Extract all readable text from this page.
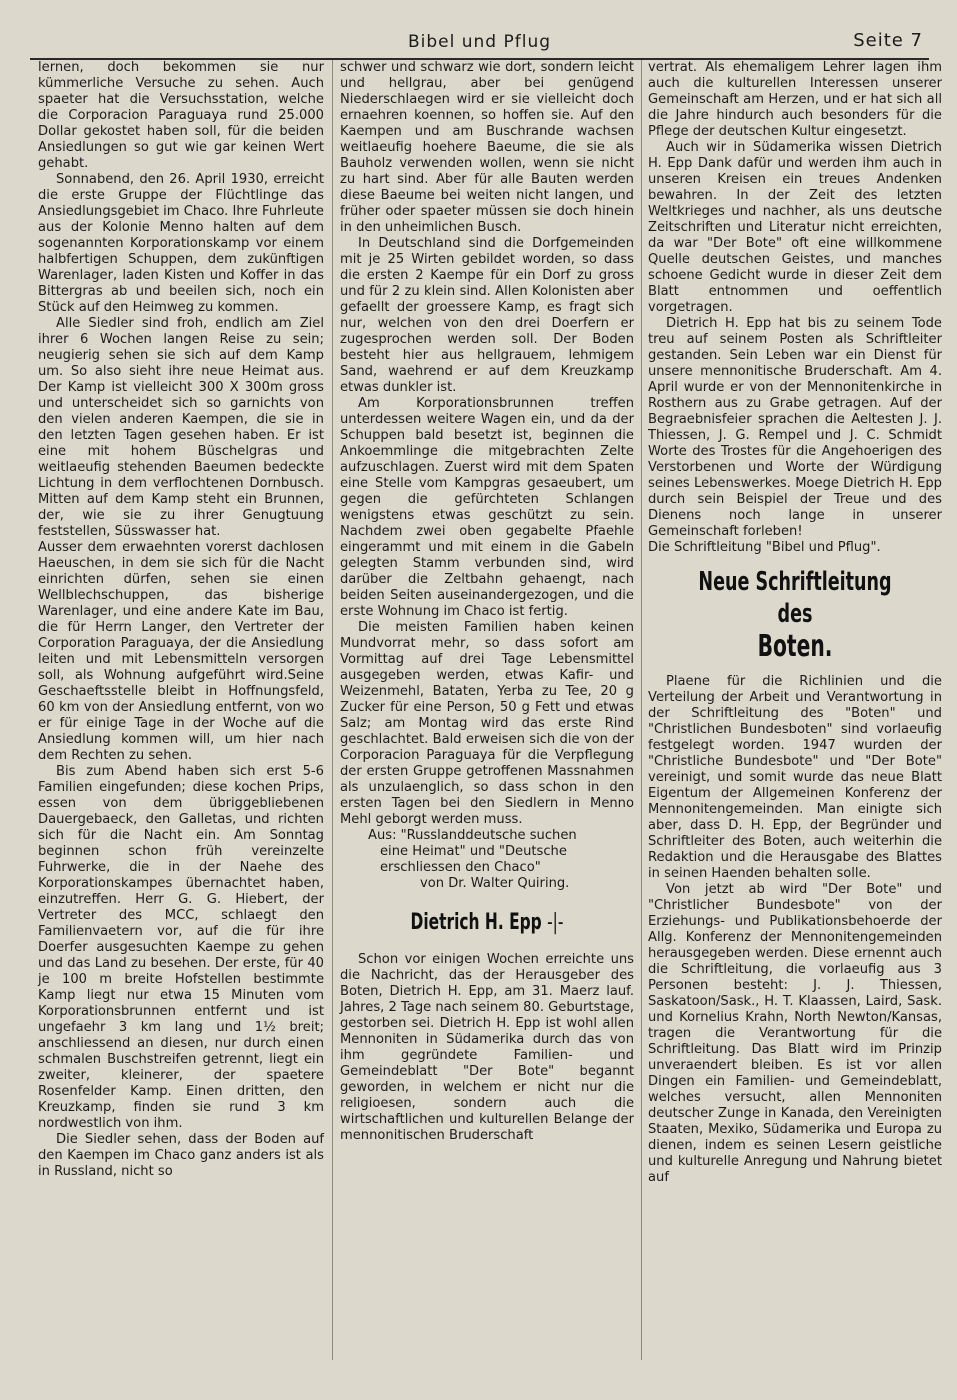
Bibel und Pflug	Seite 7

lernen, doch bekommen sie nur kümmerliche Versuche zu sehen. Auch spaeter hat die Versuchsstation, welche die Corporacion Paraguaya rund 25.000 Dollar gekostet haben soll, für die beiden Ansiedlungen so gut wie gar keinen Wert gehabt.

Sonnabend, den 26. April 1930, erreicht die erste Gruppe der Flüchtlinge das Ansiedlungsgebiet im Chaco. Ihre Fuhrleute aus der Kolonie Menno halten auf dem sogenannten Korporationskamp vor einem halbfertigen Schuppen, dem zukünftigen Warenlager, laden Kisten und Koffer in das Bittergras ab und beeilen sich, noch ein Stück auf den Heimweg zu kommen.

Alle Siedler sind froh, endlich am Ziel ihrer 6 Wochen langen Reise zu sein; neugierig sehen sie sich auf dem Kamp um. So also sieht ihre neue Heimat aus. Der Kamp ist vielleicht 300 X 300m gross und unterscheidet sich so garnichts von den vielen anderen Kaempen, die sie in den letzten Tagen gesehen haben. Er ist eine mit hohem Büschelgras und weitlaeufig stehenden Baeumen bedeckte Lichtung in dem verflochtenen Dornbusch. Mitten auf dem Kamp steht ein Brunnen, der, wie sie zu ihrer Genugtuung feststellen, Süsswasser hat.

Ausser dem erwaehnten vorerst dachlosen Haeuschen, in dem sie sich für die Nacht einrichten dürfen, sehen sie einen Wellblechschuppen, das bisherige Warenlager, und eine andere Kate im Bau, die für Herrn Langer, den Vertreter der Corporation Paraguaya, der die Ansiedlung leiten und mit Lebensmitteln versorgen soll, als Wohnung aufgeführt wird.Seine Geschaeftsstelle bleibt in Hoffnungsfeld, 60 km von der Ansiedlung entfernt, von wo er für einige Tage in der Woche auf die Ansiedlung kommen will, um hier nach dem Rechten zu sehen.

Bis zum Abend haben sich erst 5-6 Familien eingefunden; diese kochen Prips, essen von dem übriggebliebenen Dauergebaeck, den Galletas, und richten sich für die Nacht ein. Am Sonntag beginnen schon früh vereinzelte Fuhrwerke, die in der Naehe des Korporationskampes übernachtet haben, einzutreffen. Herr G. G. Hiebert, der Vertreter des MCC, schlaegt den Familienvaetern vor, auf die für ihre Doerfer ausgesuchten Kaempe zu gehen und das Land zu besehen. Der erste, für 40 je 100 m breite Hofstellen bestimmte Kamp liegt nur etwa 15 Minuten vom Korporationsbrunnen entfernt und ist ungefaehr 3 km lang und 1½ breit; anschliessend an diesen, nur durch einen schmalen Buschstreifen getrennt, liegt ein zweiter, kleinerer, der spaetere Rosenfelder Kamp. Einen dritten, den Kreuzkamp, finden sie rund 3 km nordwestlich von ihm.

Die Siedler sehen, dass der Boden auf den Kaempen im Chaco ganz anders ist als in Russland, nicht so

schwer und schwarz wie dort, sondern leicht und hellgrau, aber bei genügend Niederschlaegen wird er sie vielleicht doch ernaehren koennen, so hoffen sie. Auf den Kaempen und am Buschrande wachsen weitlaeufig hoehere Baeume, die sie als Bauholz verwenden wollen, wenn sie nicht zu hart sind. Aber für alle Bauten werden diese Baeume bei weiten nicht langen, und früher oder spaeter müssen sie doch hinein in den unheimlichen Busch.

In Deutschland sind die Dorfgemeinden mit je 25 Wirten gebildet worden, so dass die ersten 2 Kaempe für ein Dorf zu gross und für 2 zu klein sind. Allen Kolonisten aber gefaellt der groessere Kamp, es fragt sich nur, welchen von den drei Doerfern er zugesprochen werden soll. Der Boden besteht hier aus hellgrauem, lehmigem Sand, waehrend er auf dem Kreuzkamp etwas dunkler ist.

Am Korporationsbrunnen treffen unterdessen weitere Wagen ein, und da der Schuppen bald besetzt ist, beginnen die Ankoemmlinge die mitgebrachten Zelte aufzuschlagen. Zuerst wird mit dem Spaten eine Stelle vom Kampgras gesaeubert, um gegen die gefürchteten Schlangen wenigstens etwas geschützt zu sein. Nachdem zwei oben gegabelte Pfaehle eingerammt und mit einem in die Gabeln gelegten Stamm verbunden sind, wird darüber die Zeltbahn gehaengt, nach beiden Seiten auseinandergezogen, und die erste Wohnung im Chaco ist fertig.

Die meisten Familien haben keinen Mundvorrat mehr, so dass sofort am Vormittag auf drei Tage Lebensmittel ausgegeben werden, etwas Kafir- und Weizenmehl, Bataten, Yerba zu Tee, 20 g Zucker für eine Person, 50 g Fett und etwas Salz; am Montag wird das erste Rind geschlachtet. Bald erweisen sich die von der Corporacion Paraguaya für die Verpflegung der ersten Gruppe getroffenen Massnahmen als unzulaenglich, so dass schon in den ersten Tagen bei den Siedlern in Menno Mehl geborgt werden muss.

Aus: "Russlanddeutsche suchen

eine Heimat" und "Deutsche erschliessen den Chaco"

von Dr. Walter Quiring.

Dietrich H. Epp -|-

Schon vor einigen Wochen erreichte uns die Nachricht, das der Herausgeber des Boten, Dietrich H. Epp, am 31. Maerz lauf. Jahres, 2 Tage nach seinem 80. Geburtstage, gestorben sei. Dietrich H. Epp ist wohl allen Mennoniten in Südamerika durch das von ihm gegründete Familien- und Gemeindeblatt "Der Bote" begannt geworden, in welchem er nicht nur die religioesen, sondern auch die wirtschaftlichen und kulturellen Belange der mennonitischen Bruderschaft

vertrat. Als ehemaligem Lehrer lagen ihm auch die kulturellen Interessen unserer Gemeinschaft am Herzen, und er hat sich all die Jahre hindurch auch besonders für die Pflege der deutschen Kultur eingesetzt.

Auch wir in Südamerika wissen Dietrich H. Epp Dank dafür und werden ihm auch in unseren Kreisen ein treues Andenken bewahren. In der Zeit des letzten Weltkrieges und nachher, als uns deutsche Zeitschriften und Literatur nicht erreichten, da war "Der Bote" oft eine willkommene Quelle deutschen Geistes, und manches schoene Gedicht wurde in dieser Zeit dem Blatt entnommen und oeffentlich vorgetragen.

Dietrich H. Epp hat bis zu seinem Tode treu auf seinem Posten als Schriftleiter gestanden. Sein Leben war ein Dienst für unsere mennonitische Bruderschaft. Am 4. April wurde er von der Mennonitenkirche in Rosthern aus zu Grabe getragen. Auf der Begraebnisfeier sprachen die Aeltesten J. J. Thiessen, J. G. Rempel und J. C. Schmidt Worte des Trostes für die Angehoerigen des Verstorbenen und Worte der Würdigung seines Lebenswerkes. Moege Dietrich H. Epp durch sein Beispiel der Treue und des Dienens noch lange in unserer Gemeinschaft forleben!

Die Schriftleitung "Bibel und Pflug".

Neue Schriftleitung des
Boten.

Plaene für die Richlinien und die Verteilung der Arbeit und Verantwortung in der Schriftleitung des "Boten" und "Christlichen Bundesboten" sind vorlaeufig festgelegt worden. 1947 wurden der "Christliche Bundesbote" und "Der Bote" vereinigt, und somit wurde das neue Blatt Eigentum der Allgemeinen Konferenz der Mennonitengemeinden. Man einigte sich aber, dass D. H. Epp, der Begründer und Schriftleiter des Boten, auch weiterhin die Redaktion und die Herausgabe des Blattes in seinen Haenden behalten solle.

Von jetzt ab wird "Der Bote" und "Christlicher Bundesbote" von der Erziehungs- und Publikationsbehoerde der Allg. Konferenz der Mennonitengemeinden herausgegeben werden. Diese ernennt auch die Schriftleitung, die vorlaeufig aus 3 Personen besteht: J. J. Thiessen, Saskatoon/Sask., H. T. Klaassen, Laird, Sask. und Kornelius Krahn, North Newton/Kansas, tragen die Verantwortung für die Schriftleitung. Das Blatt wird im Prinzip unveraendert bleiben. Es ist vor allen Dingen ein Familien- und Gemeindeblatt, welches versucht, allen Mennoniten deutscher Zunge in Kanada, den Vereinigten Staaten, Mexiko, Südamerika und Europa zu dienen, indem es seinen Lesern geistliche und kulturelle Anregung und Nahrung bietet auf
